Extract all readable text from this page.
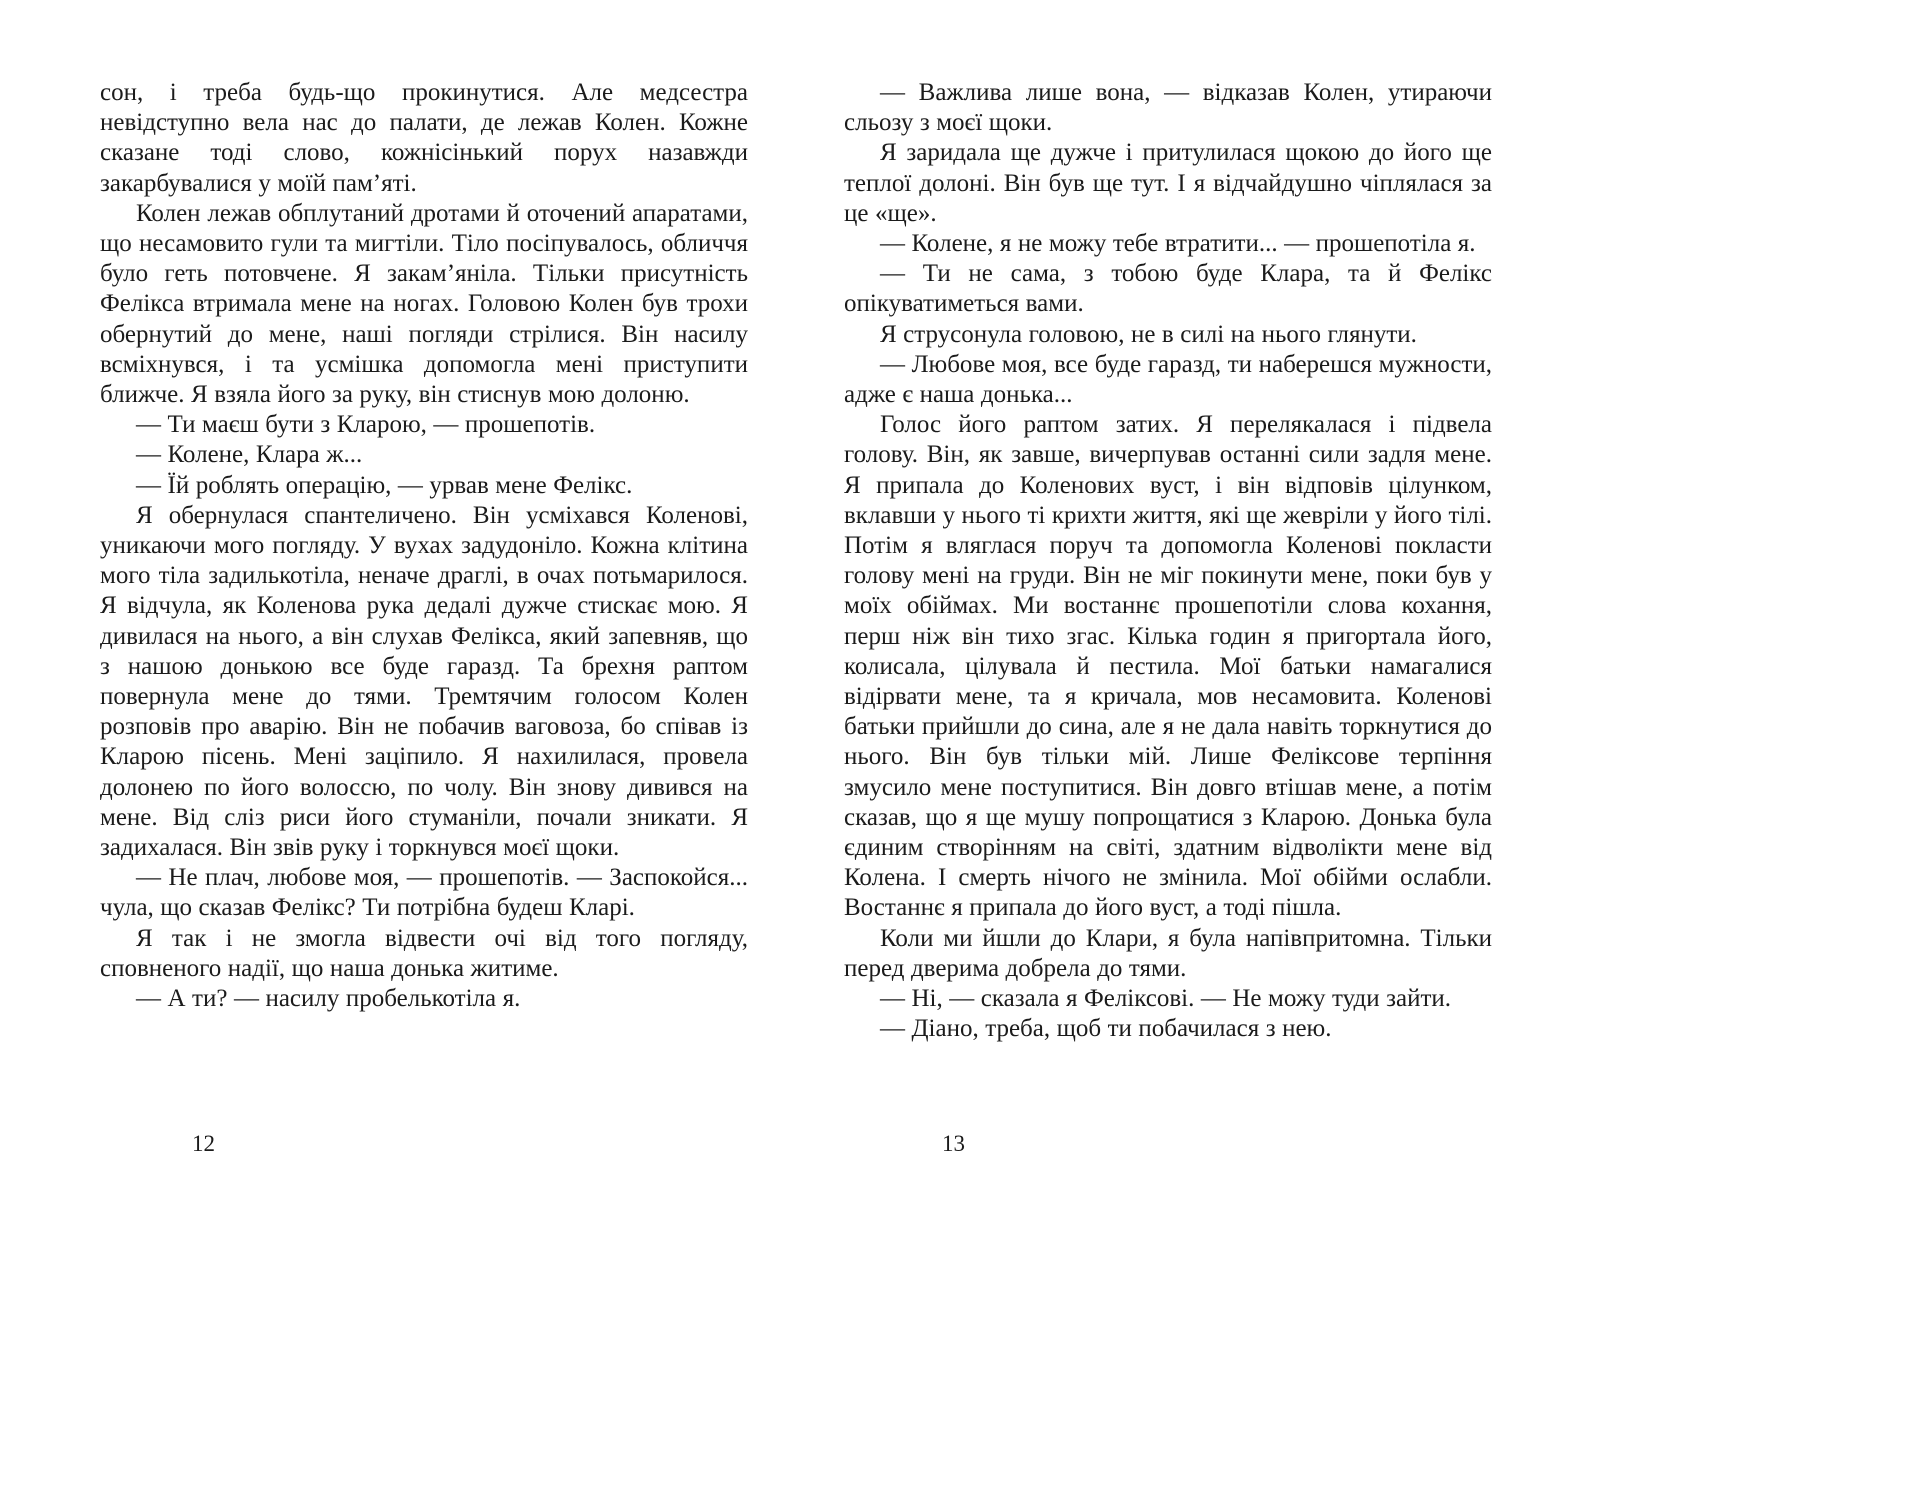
сон, і треба будь-що прокинутися. Але медсестра невідступно вела нас до палати, де лежав Колен. Кожне сказане тоді слово, кожнісінький порух назавжди закарбувалися у моїй пам’яті.

Колен лежав обплутаний дротами й оточений апаратами, що несамовито гули та мигтіли. Тіло посіпувалось, обличчя було геть потовчене. Я закам’яніла. Тільки присутність Фелікса втримала мене на ногах. Головою Колен був трохи обернутий до мене, наші погляди стрілися. Він насилу всміхнувся, і та усмішка допомогла мені приступити ближче. Я взяла його за руку, він стиснув мою долоню.

— Ти маєш бути з Кларою, — прошепотів.

— Колене, Клара ж...

— Їй роблять операцію, — урвав мене Фелікс.

Я обернулася спантеличено. Він усміхався Коленові, уникаючи мого погляду. У вухах задудоніло. Кожна клітина мого тіла задилькотіла, неначе драглі, в очах потьмарилося. Я відчула, як Коленова рука дедалі дужче стискає мою. Я дивилася на нього, а він слухав Фелікса, який запевняв, що з нашою донькою все буде гаразд. Та брехня раптом повернула мене до тями. Тремтячим голосом Колен розповів про аварію. Він не побачив ваговоза, бо співав із Кларою пісень. Мені заціпило. Я нахилилася, провела долонею по його волоссю, по чолу. Він знову дивився на мене. Від сліз риси його стуманіли, почали зникати. Я задихалася. Він звів руку і торкнувся моєї щоки.

— Не плач, любове моя, — прошепотів. — Заспокойся... чула, що сказав Фелікс? Ти потрібна будеш Кларі.

Я так і не змогла відвести очі від того погляду, сповненого надії, що наша донька житиме.

— А ти? — насилу пробелькотіла я.

— Важлива лише вона, — відказав Колен, утираючи сльозу з моєї щоки.

Я заридала ще дужче і притулилася щокою до його ще теплої долоні. Він був ще тут. І я відчайдушно чіплялася за це «ще».

— Колене, я не можу тебе втратити... — прошепотіла я.

— Ти не сама, з тобою буде Клара, та й Фелікс опікуватиметься вами.

Я струсонула головою, не в силі на нього глянути.

— Любове моя, все буде гаразд, ти наберешся мужности, адже є наша донька...

Голос його раптом затих. Я перелякалася і підвела голову. Він, як завше, вичерпував останні сили задля мене. Я припала до Коленових вуст, і він відповів цілунком, вклавши у нього ті крихти життя, які ще жевріли у його тілі. Потім я вляглася поруч та допомогла Коленові покласти голову мені на груди. Він не міг покинути мене, поки був у моїх обіймах. Ми востаннє прошепотіли слова кохання, перш ніж він тихо згас. Кілька годин я пригортала його, колисала, цілувала й пестила. Мої батьки намагалися відірвати мене, та я кричала, мов несамовита. Коленові батьки прийшли до сина, але я не дала навіть торкнутися до нього. Він був тільки мій. Лише Феліксове терпіння змусило мене поступитися. Він довго втішав мене, а потім сказав, що я ще мушу попрощатися з Кларою. Донька була єдиним створінням на світі, здатним відволікти мене від Колена. І смерть нічого не змінила. Мої обійми ослабли. Востаннє я припала до його вуст, а тоді пішла.

Коли ми йшли до Клари, я була напівпритомна. Тільки перед дверима добрела до тями.

— Ні, — сказала я Феліксові. — Не можу туди зайти.

— Діано, треба, щоб ти побачилася з нею.

12	13
